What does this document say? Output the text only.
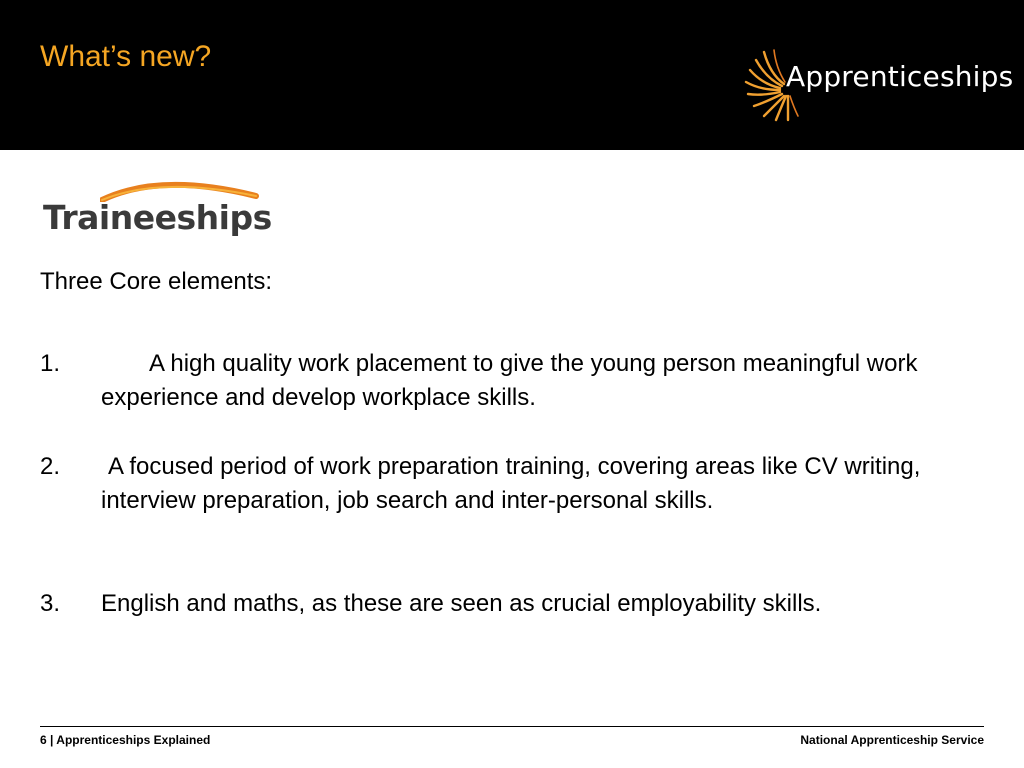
What’s new?
Apprenticeships
Traineeships
Three Core elements:
1.	A high quality work placement to give the young person meaningful work experience and develop workplace skills.
2. A focused period of work preparation training, covering areas like CV writing, interview preparation, job search and inter-personal skills.
3. English and maths, as these are seen as crucial employability skills.
6 | Apprenticeships Explained	National Apprenticeship Service
